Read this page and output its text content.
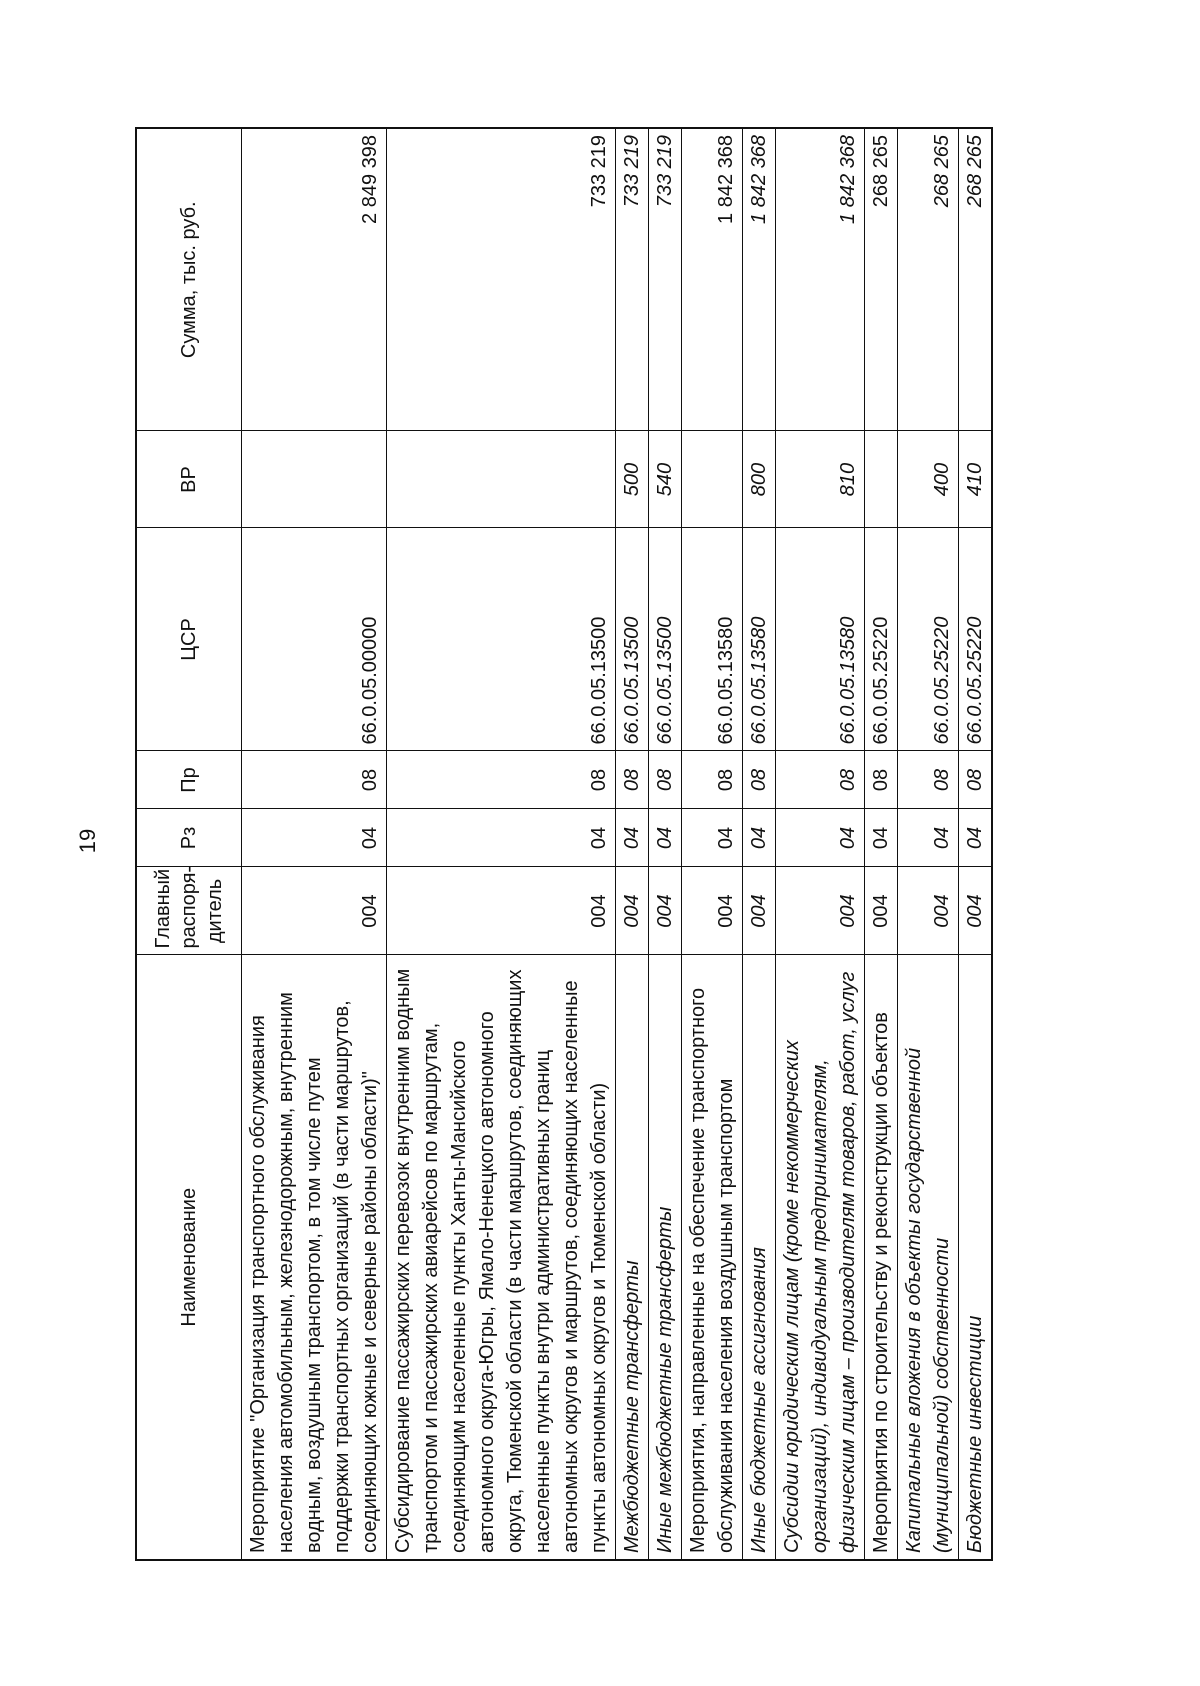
19
Наименование	Главный распоря-дитель	Рз	Пр	ЦСР	ВР	Сумма, тыс. руб.
Мероприятие "Организация транспортного обслуживания населения автомобильным, железнодорожным, внутренним водным, воздушным транспортом, в том числе путем поддержки транспортных организаций (в части маршрутов, соединяющих южные и северные районы области)"	004	04	08	66.0.05.00000		2 849 398
Субсидирование пассажирских перевозок внутренним водным транспортом и пассажирских авиарейсов по маршрутам, соединяющим населенные пункты Ханты-Мансийского автономного округа-Югры, Ямало-Ненецкого автономного округа, Тюменской области (в части маршрутов, соединяющих населенные пункты внутри административных границ автономных округов и маршрутов, соединяющих населенные пункты автономных округов и Тюменской области)	004	04	08	66.0.05.13500		733 219
Межбюджетные трансферты	004	04	08	66.0.05.13500	500	733 219
Иные межбюджетные трансферты	004	04	08	66.0.05.13500	540	733 219
Мероприятия, направленные на обеспечение транспортного обслуживания населения воздушным транспортом	004	04	08	66.0.05.13580		1 842 368
Иные бюджетные ассигнования	004	04	08	66.0.05.13580	800	1 842 368
Субсидии юридическим лицам (кроме некоммерческих организаций), индивидуальным предпринимателям, физическим лицам – производителям товаров, работ, услуг	004	04	08	66.0.05.13580	810	1 842 368
Мероприятия по строительству и реконструкции объектов	004	04	08	66.0.05.25220		268 265
Капитальные вложения в объекты государственной (муниципальной) собственности	004	04	08	66.0.05.25220	400	268 265
Бюджетные инвестиции	004	04	08	66.0.05.25220	410	268 265
